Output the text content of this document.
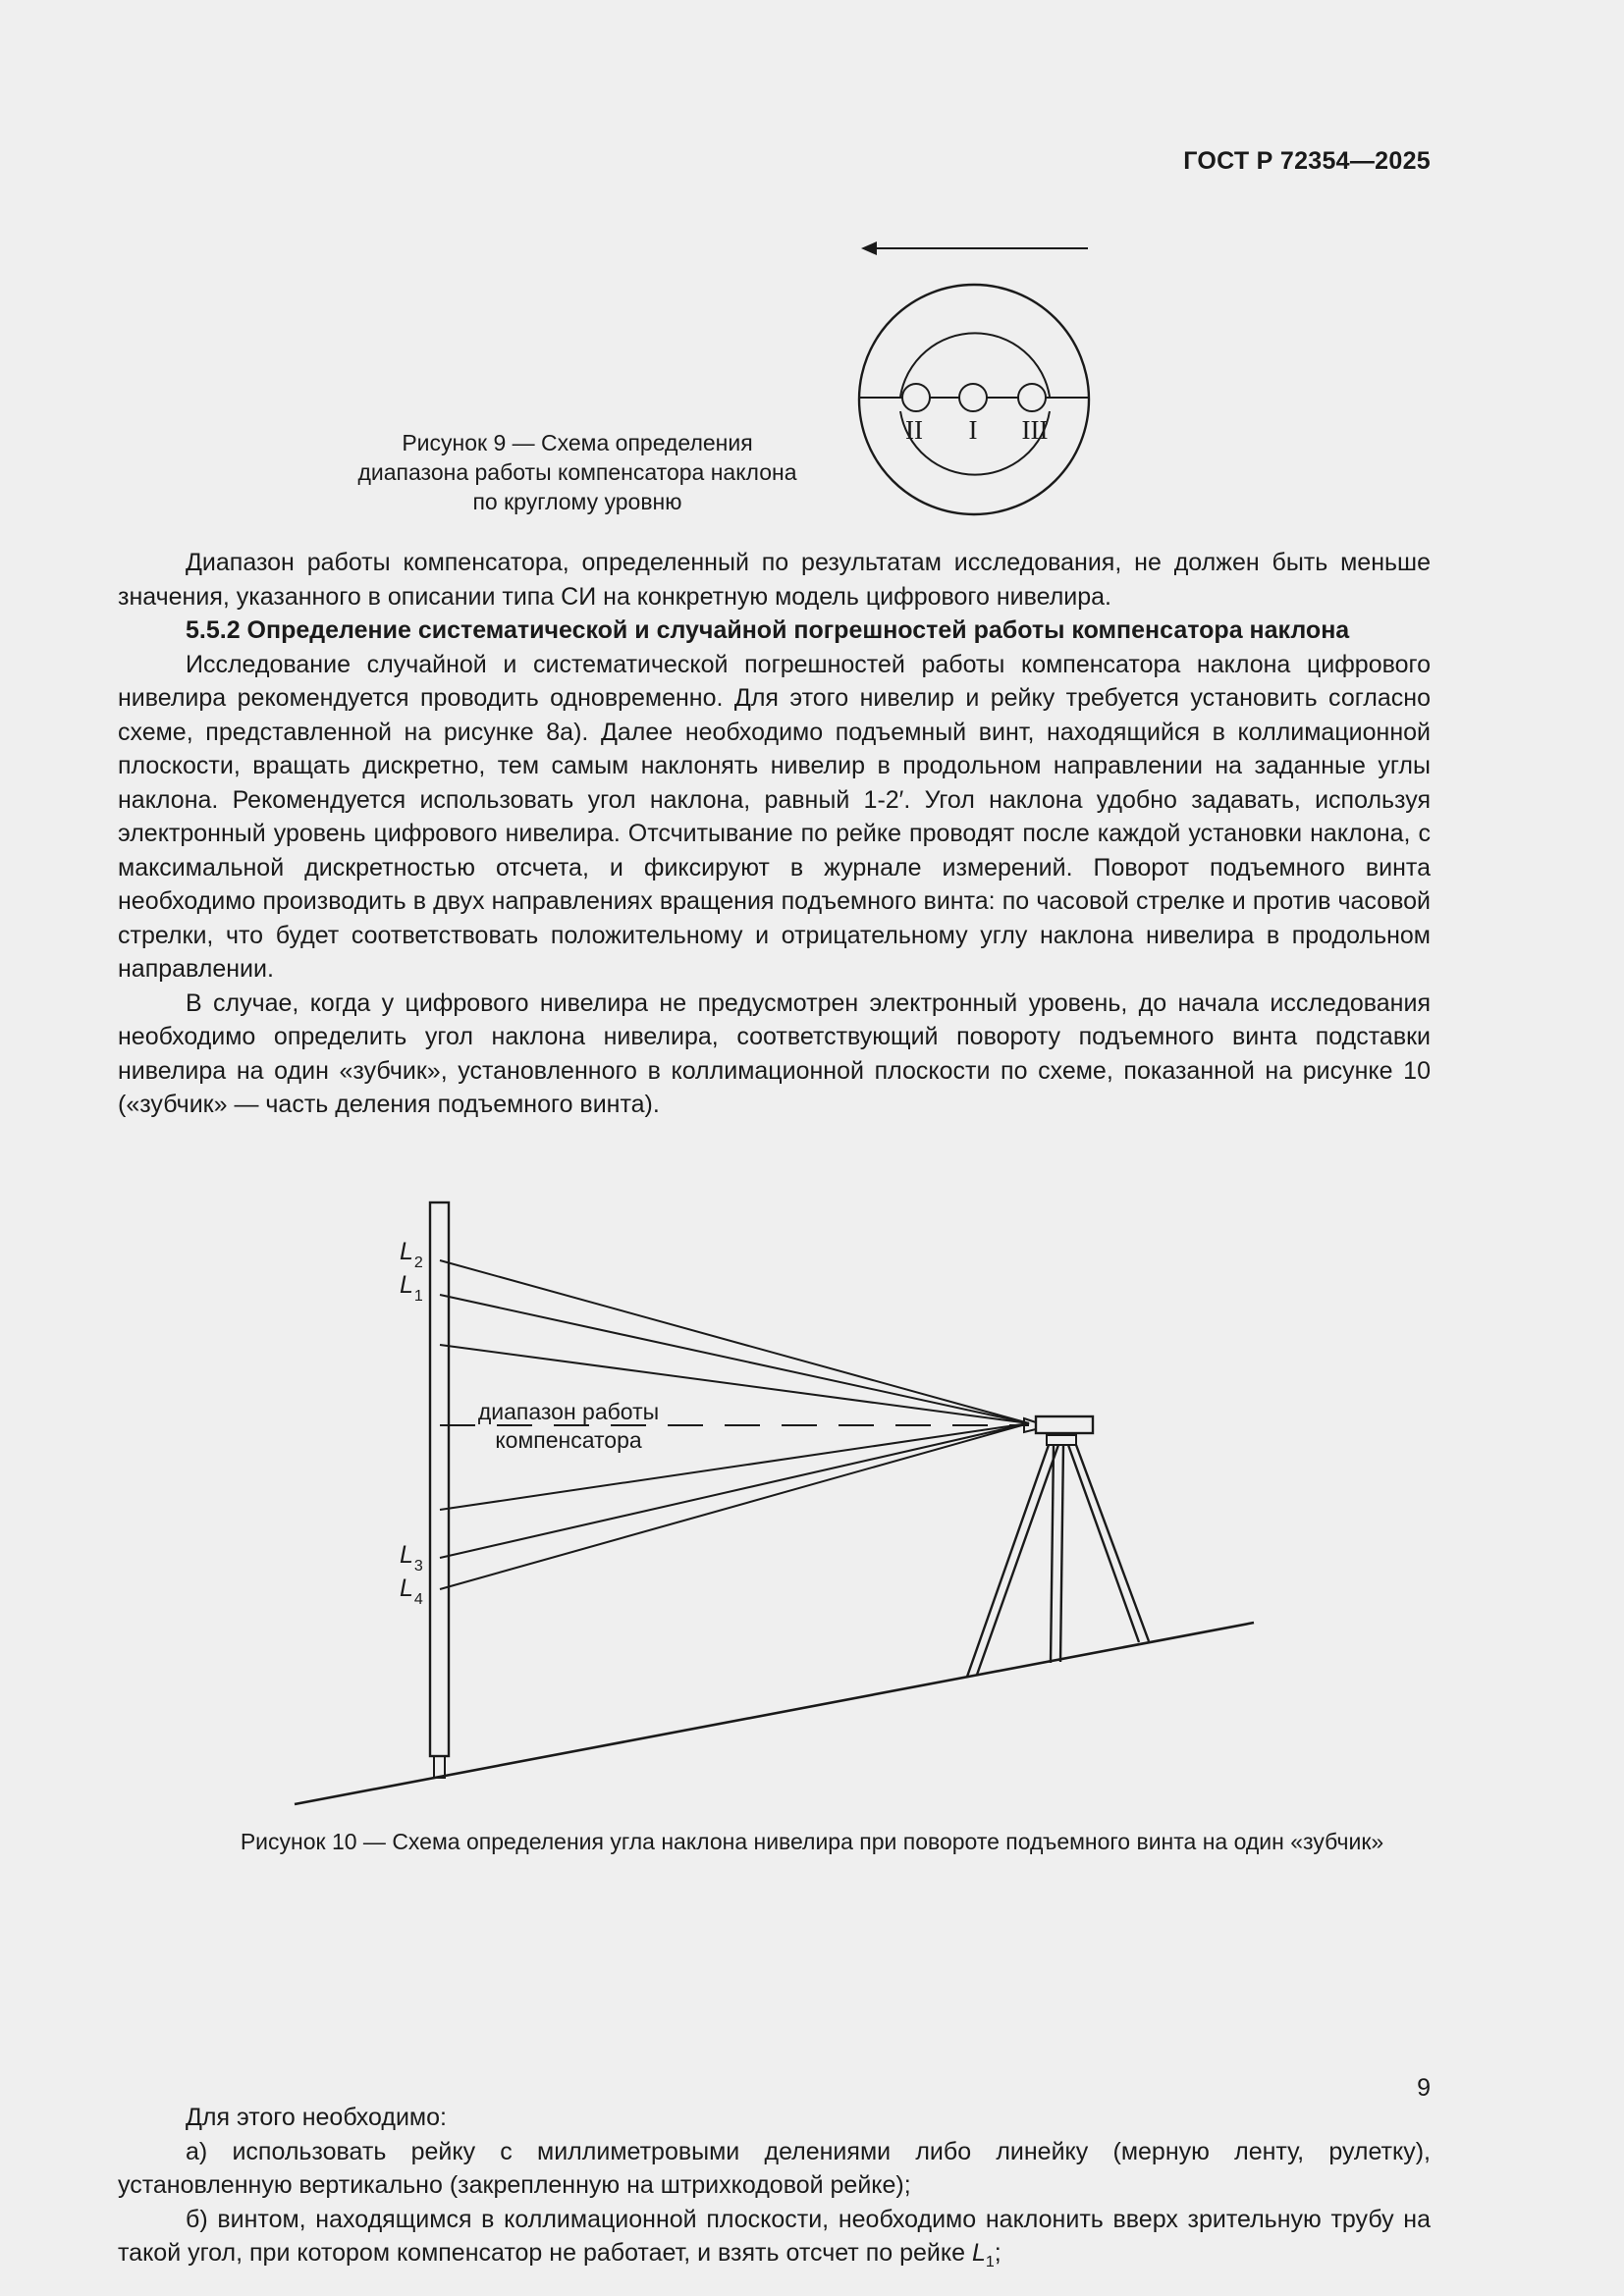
ГОСТ Р 72354—2025
II I III
диапазон работы
компенсатора
$L_2$
$L_1$
$L_3$
$L_4$
Рисунок 9 — Схема определения диапазона работы компенсатора наклона по круглому уровню

Диапазон работы компенсатора, определенный по результатам исследования, не должен быть меньше значения, указанного в описании типа СИ на конкретную модель цифрового нивелира.

5.5.2 Определение систематической и случайной погрешностей работы компенсатора наклона

Исследование случайной и систематической погрешностей работы компенсатора наклона цифрового нивелира рекомендуется проводить одновременно. Для этого нивелир и рейку требуется установить согласно схеме, представленной на рисунке 8а). Далее необходимо подъемный винт, находящийся в коллимационной плоскости, вращать дискретно, тем самым наклонять нивелир в продольном направлении на заданные углы наклона. Рекомендуется использовать угол наклона, равный 1-2′. Угол наклона удобно задавать, используя электронный уровень цифрового нивелира. Отсчитывание по рейке проводят после каждой установки наклона, с максимальной дискретностью отсчета, и фиксируют в журнале измерений. Поворот подъемного винта необходимо производить в двух направлениях вращения подъемного винта: по часовой стрелке и против часовой стрелки, что будет соответствовать положительному и отрицательному углу наклона нивелира в продольном направлении.

В случае, когда у цифрового нивелира не предусмотрен электронный уровень, до начала исследования необходимо определить угол наклона нивелира, соответствующий повороту подъемного винта подставки нивелира на один «зубчик», установленного в коллимационной плоскости по схеме, показанной на рисунке 10 («зубчик» — часть деления подъемного винта).

Рисунок 10 — Схема определения угла наклона нивелира при повороте подъемного винта на один «зубчик»

Для этого необходимо:

а) использовать рейку с миллиметровыми делениями либо линейку (мерную ленту, рулетку), установленную вертикально (закрепленную на штрихкодовой рейке);

б) винтом, находящимся в коллимационной плоскости, необходимо наклонить вверх зрительную трубу на такой угол, при котором компенсатор не работает, и взять отсчет по рейке $L_1$;

9
